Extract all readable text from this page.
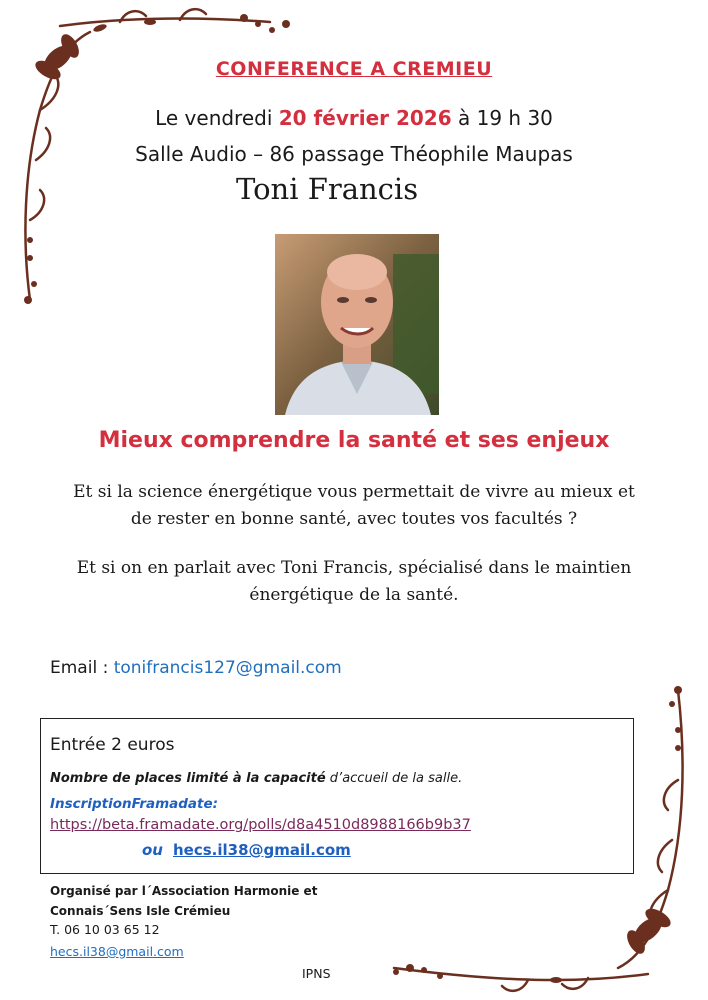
CONFERENCE A CREMIEU
Le vendredi 20 février 2026 à 19 h 30
Salle Audio – 86 passage Théophile Maupas
Toni Francis
Mieux comprendre la santé et ses enjeux
Et si la science énergétique vous permettait de vivre au mieux et
de rester en bonne santé, avec toutes vos facultés ?
Et si on en parlait avec Toni Francis, spécialisé dans le maintien
énergétique de la santé.
Email : tonifrancis127@gmail.com
Entrée 2 euros
Nombre de places limité à la capacité d’accueil de la salle.
InscriptionFramadate:
https://beta.framadate.org/polls/d8a4510d8988166b9b37
ou hecs.il38@gmail.com
Organisé par l´Association Harmonie et
Connais´Sens Isle Crémieu
T. 06 10 03 65 12
hecs.il38@gmail.com
IPNS
